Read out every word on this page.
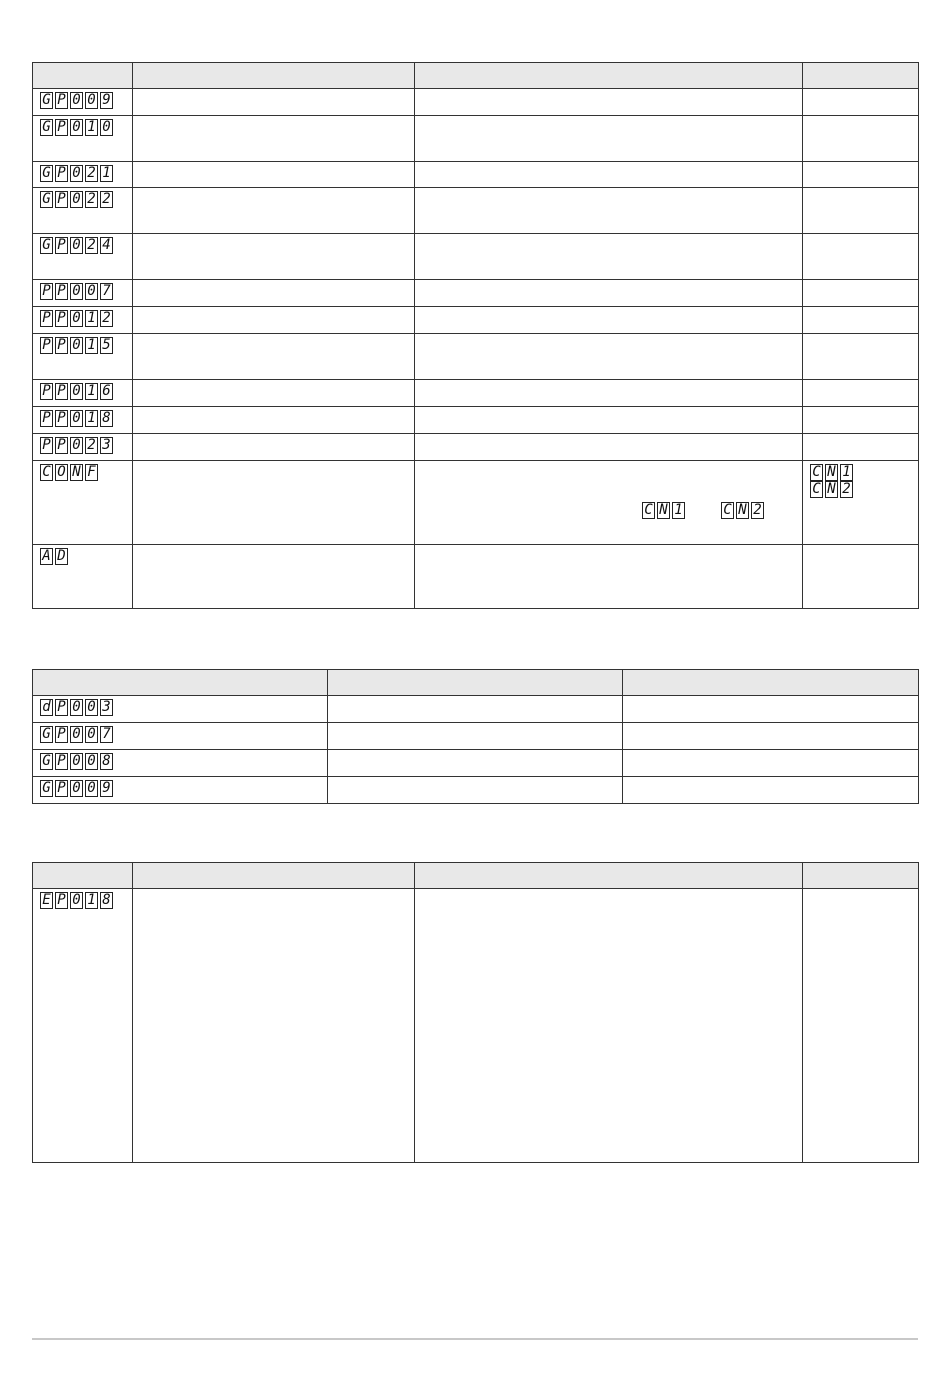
G P 0 0 9			
G P 0 1 0			
G P 0 2 1			
G P 0 2 2			
G P 0 2 4			
P P 0 0 7			
P P 0 1 2			
P P 0 1 5			
P P 0 1 6			
P P 0 1 8			
P P 0 2 3			
C O N F		C N 1 C N 2	C N 1
C N 2

A D			

d P 0 0 3		
G P 0 0 7		
G P 0 0 8		
G P 0 0 9		

E P 0 1 8			
